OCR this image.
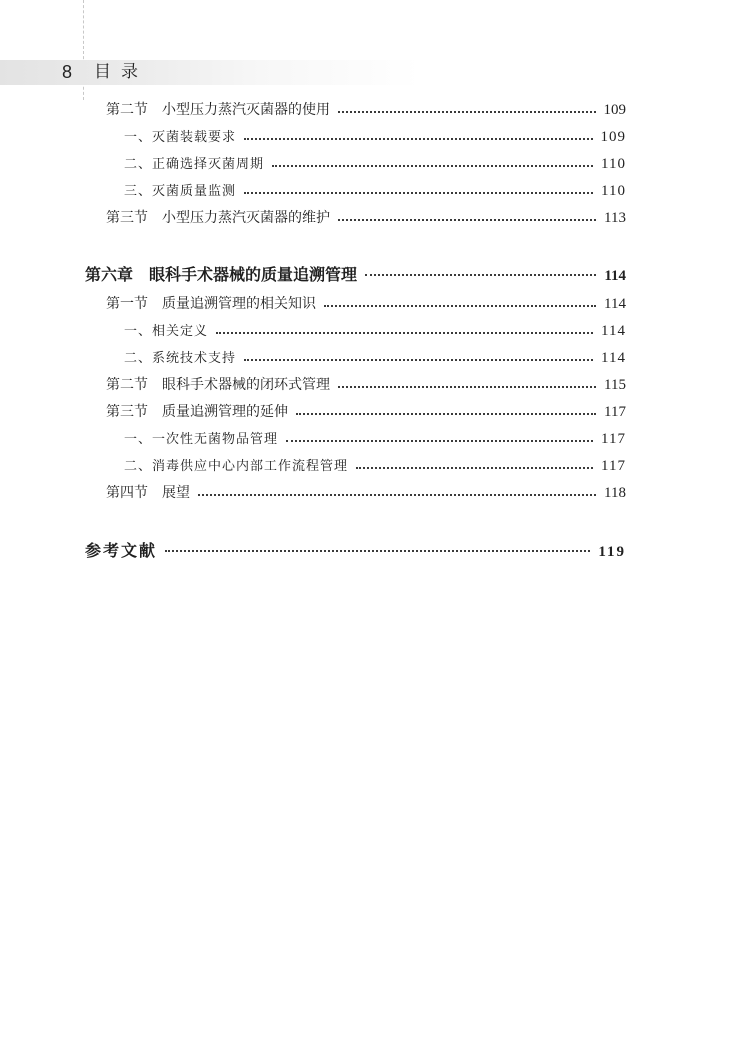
8 目录
第二节　小型压力蒸汽灭菌器的使用	109
一、灭菌装载要求	109
二、正确选择灭菌周期	110
三、灭菌质量监测	110
第三节　小型压力蒸汽灭菌器的维护	113
第六章　眼科手术器械的质量追溯管理	114
第一节　质量追溯管理的相关知识	114
一、相关定义	114
二、系统技术支持	114
第二节　眼科手术器械的闭环式管理	115
第三节　质量追溯管理的延伸	117
一、一次性无菌物品管理	117
二、消毒供应中心内部工作流程管理	117
第四节　展望	118
参考文献	119
